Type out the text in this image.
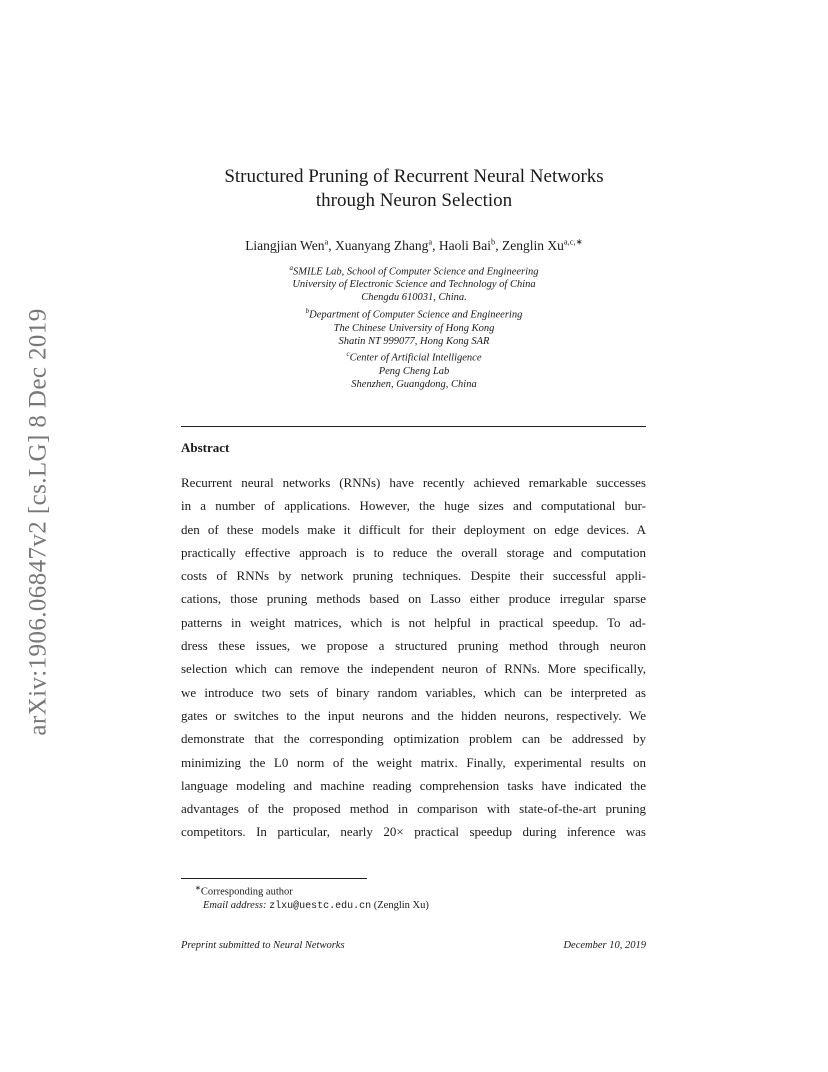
arXiv:1906.06847v2 [cs.LG] 8 Dec 2019
Structured Pruning of Recurrent Neural Networks
through Neuron Selection
Liangjian Wen$^a$, Xuanyang Zhang$^a$, Haoli Bai$^b$, Zenglin $Xu^{a,c,∗}$
$^a$SMILE Lab, School of Computer Science and Engineering
University of Electronic Science and Technology of China
Chengdu 610031, China.
$^b$Department of Computer Science and Engineering
The Chinese University of Hong Kong
Shatin NT 999077, Hong Kong SAR
$^c$Center of Artificial Intelligence
Peng Cheng Lab
Shenzhen, Guangdong, China
Abstract
Recurrent neural networks (RNNs) have recently achieved remarkable successes
in a number of applications. However, the huge sizes and computational bur-
den of these models make it difficult for their deployment on edge devices. A
practically effective approach is to reduce the overall storage and computation
costs of RNNs by network pruning techniques. Despite their successful appli-
cations, those pruning methods based on Lasso either produce irregular sparse
patterns in weight matrices, which is not helpful in practical speedup. To ad-
dress these issues, we propose a structured pruning method through neuron
selection which can remove the independent neuron of RNNs. More specifically,
we introduce two sets of binary random variables, which can be interpreted as
gates or switches to the input neurons and the hidden neurons, respectively. We
demonstrate that the corresponding optimization problem can be addressed by
minimizing the L0 norm of the weight matrix. Finally, experimental results on
language modeling and machine reading comprehension tasks have indicated the
advantages of the proposed method in comparison with state-of-the-art pruning
competitors. In particular, nearly 20× practical speedup during inference was
∗Corresponding author
Email address: zlxu@uestc.edu.cn (Zenglin Xu)
Preprint submitted to Neural Networks	December 10, 2019
